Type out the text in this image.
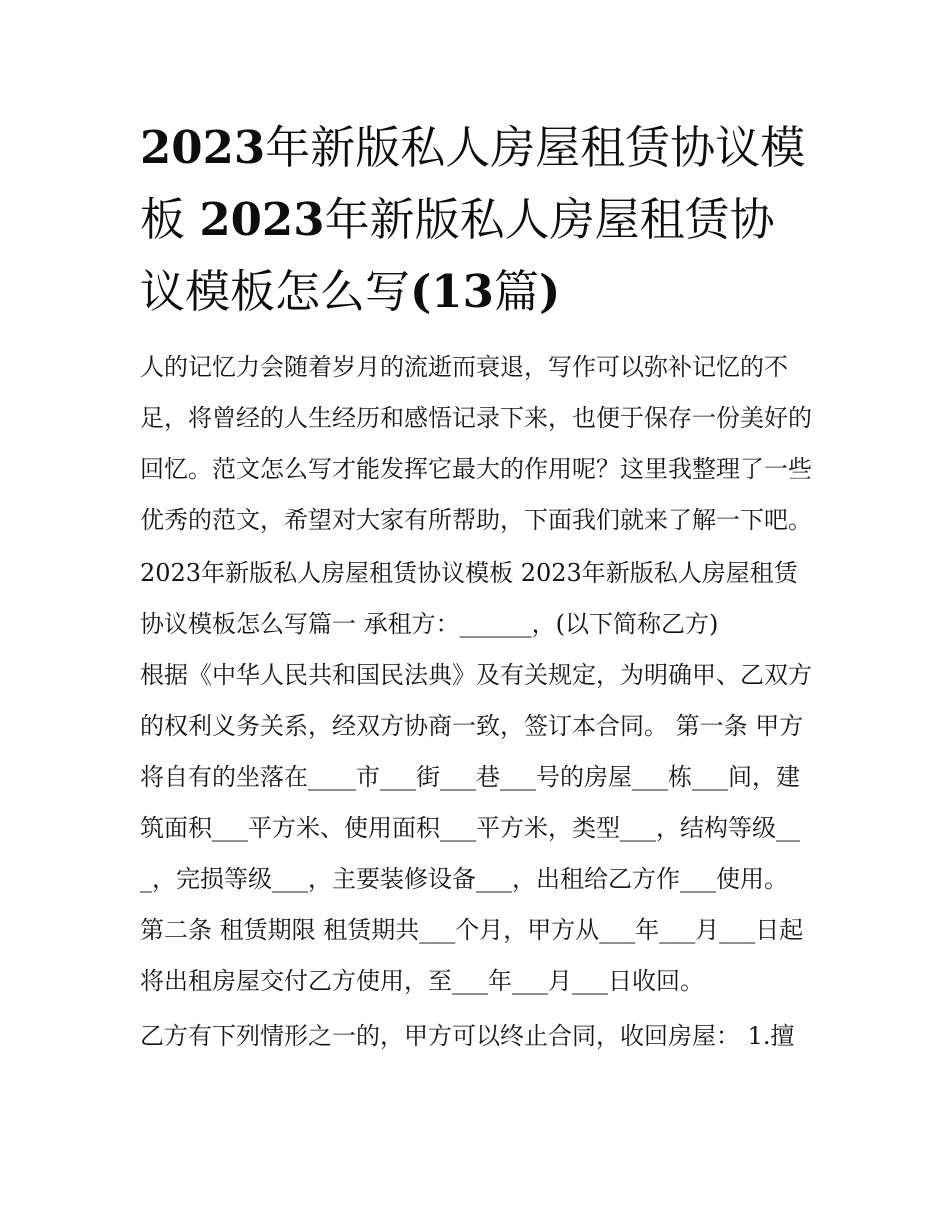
2023年新版私人房屋租赁协议模板 2023年新版私人房屋租赁协议模板怎么写(13篇)

人的记忆力会随着岁月的流逝而衰退，写作可以弥补记忆的不足，将曾经的人生经历和感悟记录下来，也便于保存一份美好的回忆。范文怎么写才能发挥它最大的作用呢？这里我整理了一些优秀的范文，希望对大家有所帮助，下面我们就来了解一下吧。

2023年新版私人房屋租赁协议模板 2023年新版私人房屋租赁协议模板怎么写篇一 承租方：______，(以下简称乙方)

根据《中华人民共和国民法典》及有关规定，为明确甲、乙双方的权利义务关系，经双方协商一致，签订本合同。 第一条 甲方将自有的坐落在____市___街___巷___号的房屋___栋___间，建筑面积___平方米、使用面积___平方米，类型___，结构等级___，完损等级___，主要装修设备___，出租给乙方作___使用。 第二条 租赁期限 租赁期共___个月，甲方从___年___月___日起将出租房屋交付乙方使用，至___年___月___日收回。

乙方有下列情形之一的，甲方可以终止合同，收回房屋： 1.擅
